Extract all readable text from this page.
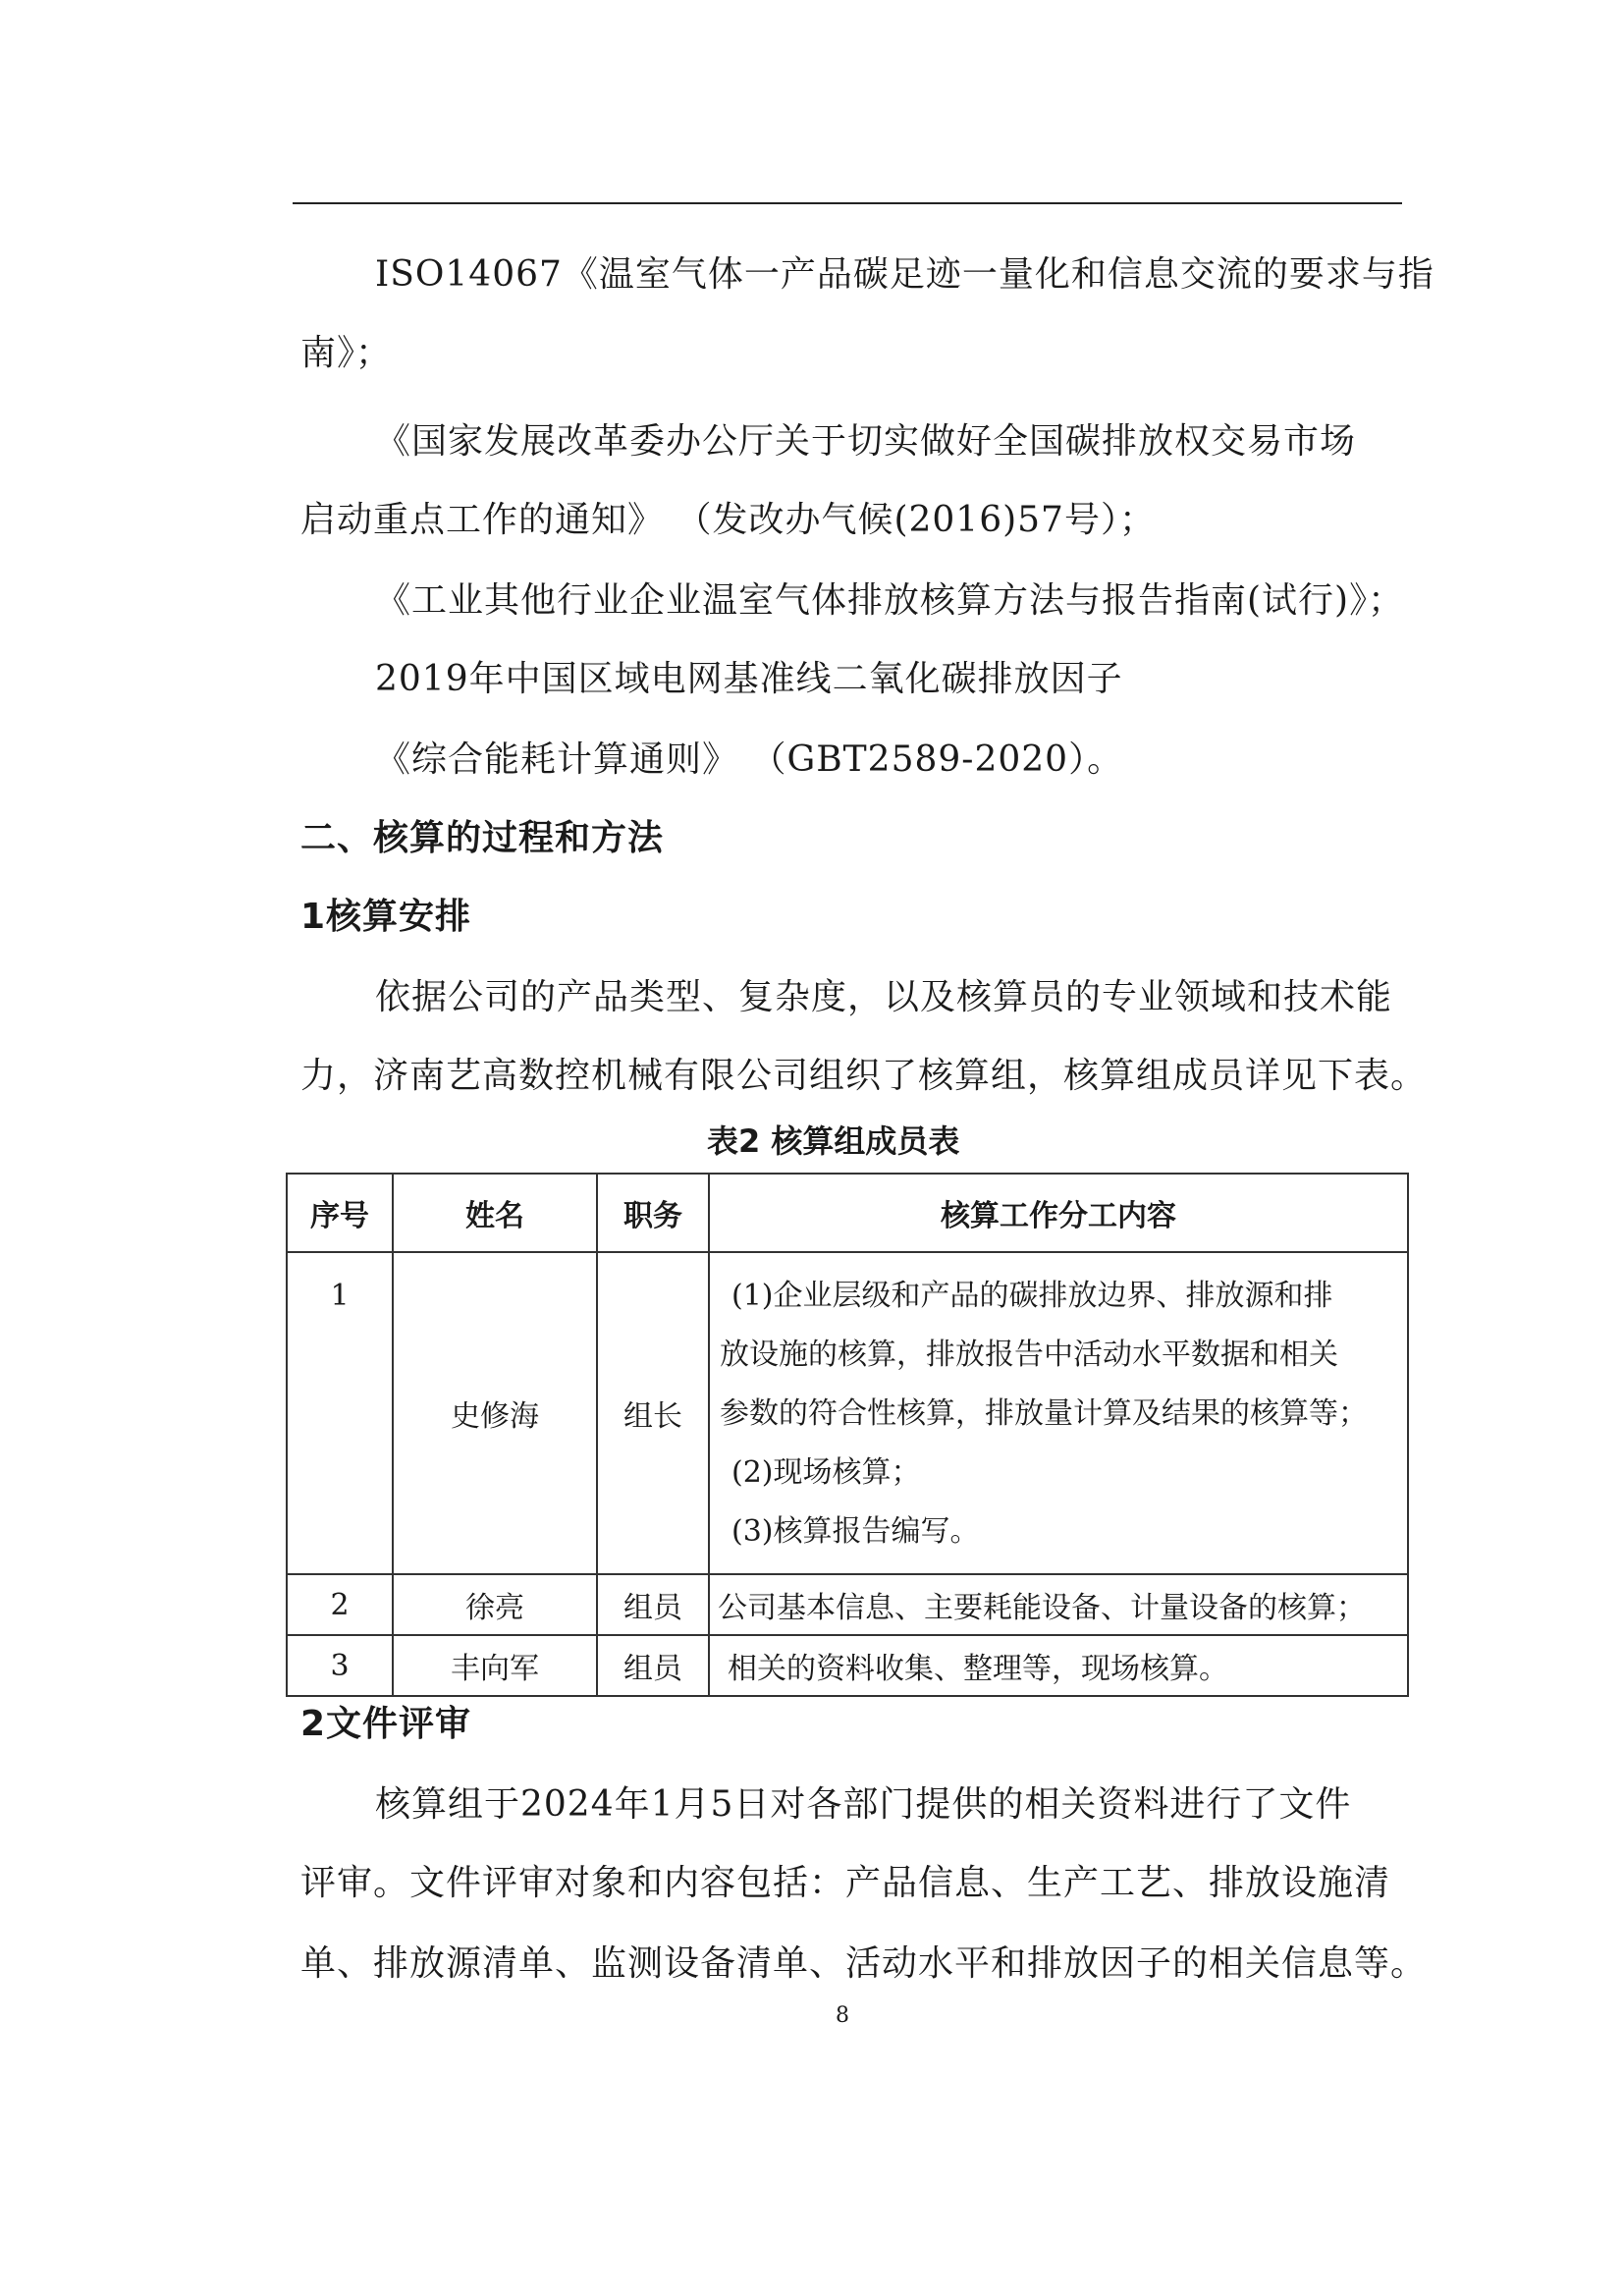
ISO14067《温室气体一产品碳足迹一量化和信息交流的要求与指
南》；
《国家发展改革委办公厅关于切实做好全国碳排放权交易市场
启动重点工作的通知》 （发改办气候(2016)57号）；
《工业其他行业企业温室气体排放核算方法与报告指南(试行)》；
2019年中国区域电网基准线二氧化碳排放因子
《综合能耗计算通则》 （GBT2589-2020）。
二、核算的过程和方法
1核算安排
依据公司的产品类型、复杂度，以及核算员的专业领域和技术能
力，济南艺高数控机械有限公司组织了核算组，核算组成员详见下表。
表2 核算组成员表
序号	姓名	职务	核算工作分工内容
1	史修海	组长	(1)企业层级和产品的碳排放边界、排放源和排
放设施的核算，排放报告中活动水平数据和相关
参数的符合性核算，排放量计算及结果的核算等；
(2)现场核算；
(3)核算报告编写。

2	徐亮	组员	公司基本信息、主要耗能设备、计量设备的核算；
3	丰向军	组员	相关的资料收集、整理等，现场核算。
2文件评审
核算组于2024年1月5日对各部门提供的相关资料进行了文件
评审。文件评审对象和内容包括：产品信息、生产工艺、排放设施清
单、排放源清单、监测设备清单、活动水平和排放因子的相关信息等。
8
